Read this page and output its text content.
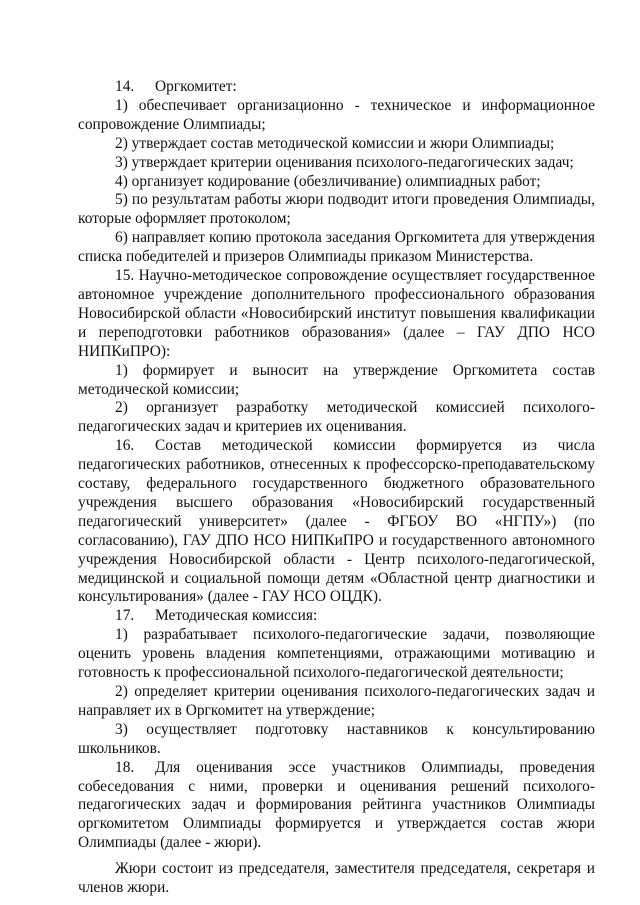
14. Оргкомитет:

1) обеспечивает организационно - техническое и информационное сопровождение Олимпиады;

2) утверждает состав методической комиссии и жюри Олимпиады;

3) утверждает критерии оценивания психолого-педагогических задач;

4) организует кодирование (обезличивание) олимпиадных работ;

5) по результатам работы жюри подводит итоги проведения Олимпиады, которые оформляет протоколом;

6) направляет копию протокола заседания Оргкомитета для утверждения списка победителей и призеров Олимпиады приказом Министерства.

15. Научно-методическое сопровождение осуществляет государственное автономное учреждение дополнительного профессионального образования Новосибирской области «Новосибирский институт повышения квалификации и переподготовки работников образования» (далее – ГАУ ДПО НСО НИПКиПРО):

1) формирует и выносит на утверждение Оргкомитета состав методической комиссии;

2) организует разработку методической комиссией психолого-педагогических задач и критериев их оценивания.

16. Состав методической комиссии формируется из числа педагогических работников, отнесенных к профессорско-преподавательскому составу, федерального государственного бюджетного образовательного учреждения высшего образования «Новосибирский государственный педагогический университет» (далее - ФГБОУ ВО «НГПУ») (по согласованию), ГАУ ДПО НСО НИПКиПРО и государственного автономного учреждения Новосибирской области - Центр психолого-педагогической, медицинской и социальной помощи детям «Областной центр диагностики и консультирования» (далее - ГАУ НСО ОЦДК).

17. Методическая комиссия:

1) разрабатывает психолого-педагогические задачи, позволяющие оценить уровень владения компетенциями, отражающими мотивацию и готовность к профессиональной психолого-педагогической деятельности;

2) определяет критерии оценивания психолого-педагогических задач и направляет их в Оргкомитет на утверждение;

3) осуществляет подготовку наставников к консультированию школьников.

18. Для оценивания эссе участников Олимпиады, проведения собеседования с ними, проверки и оценивания решений психолого-педагогических задач и формирования рейтинга участников Олимпиады оргкомитетом Олимпиады формируется и утверждается состав жюри Олимпиады (далее - жюри).

Жюри состоит из председателя, заместителя председателя, секретаря и членов жюри.
